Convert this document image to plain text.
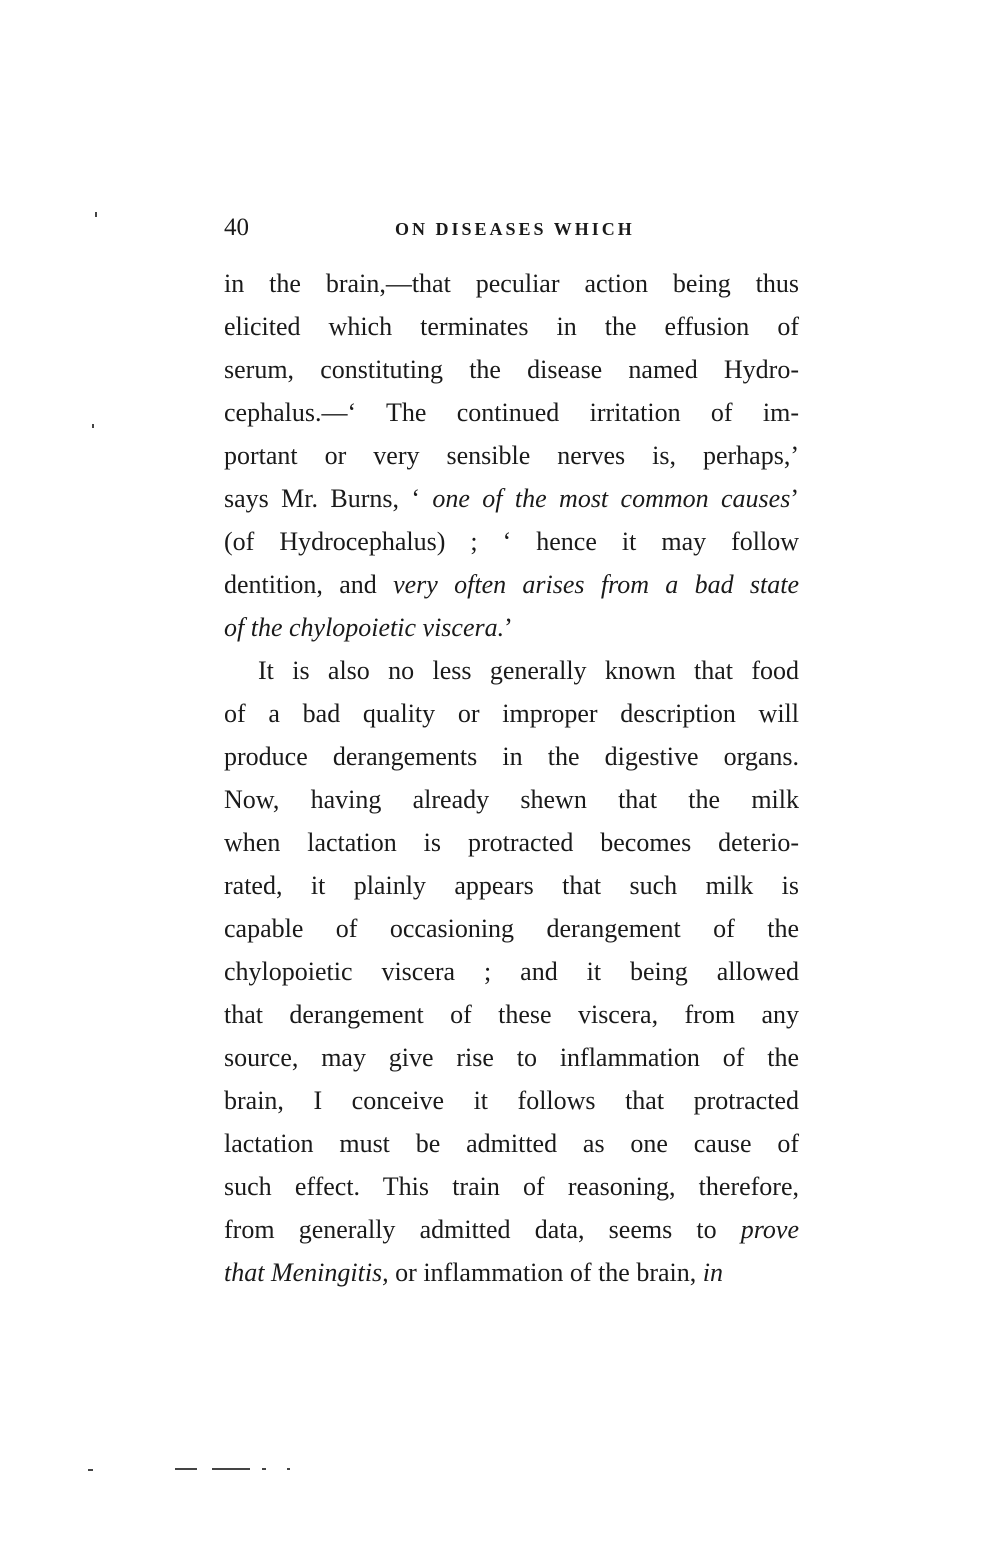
40	ON DISEASES WHICH
in the brain,—that peculiar action being thus
elicited which terminates in the effusion of
serum, constituting the disease named Hydro-
cephalus.—‘ The continued irritation of im-
portant or very sensible nerves is, perhaps,’
says Mr. Burns, ‘ one of the most common causes’
(of Hydrocephalus) ; ‘ hence it may follow
dentition, and very often arises from a bad state
of the chylopoietic viscera.’
It is also no less generally known that food
of a bad quality or improper description will
produce derangements in the digestive organs.
Now, having already shewn that the milk
when lactation is protracted becomes deterio-
rated, it plainly appears that such milk is
capable of occasioning derangement of the
chylopoietic viscera ; and it being allowed
that derangement of these viscera, from any
source, may give rise to inflammation of the
brain, I conceive it follows that protracted
lactation must be admitted as one cause of
such effect. This train of reasoning, therefore,
from generally admitted data, seems to prove
that Meningitis, or inflammation of the brain, in
